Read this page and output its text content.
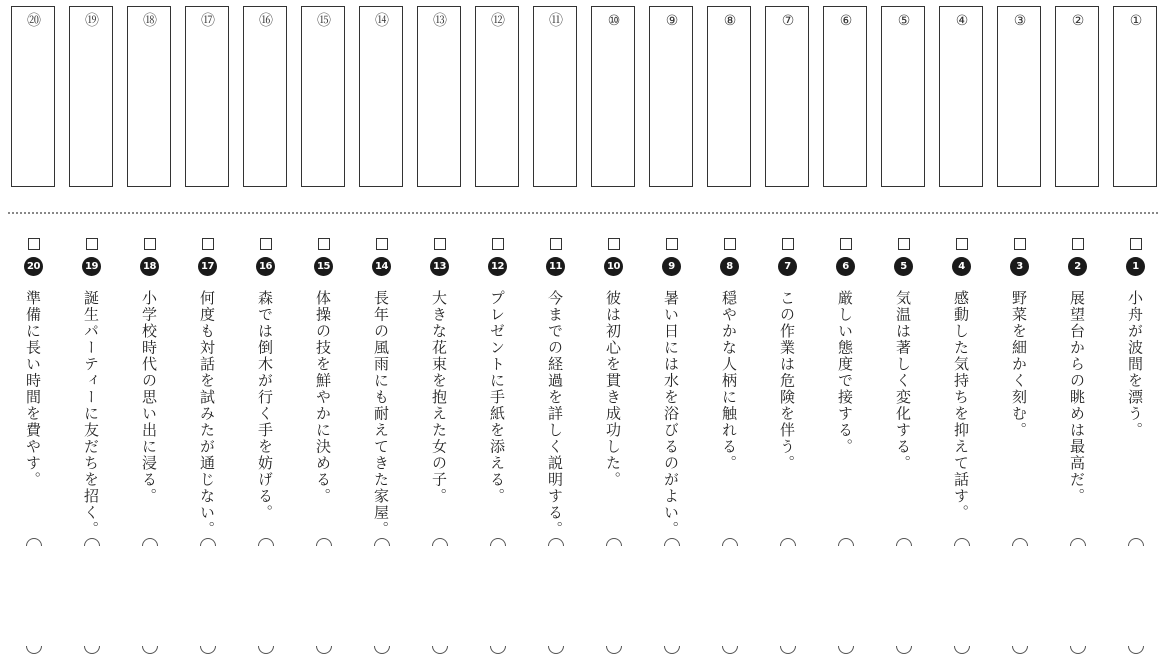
①
1
小舟が波間を漂う。
②
2
展望台からの眺めは最高だ。
③
3
野菜を細かく刻む。
④
4
感動した気持ちを抑えて話す。
⑤
5
気温は著しく変化する。
⑥
6
厳しい態度で接する。
⑦
7
この作業は危険を伴う。
⑧
8
穏やかな人柄に触れる。
⑨
9
暑い日には水を浴びるのがよい。
⑩
10
彼は初心を貫き成功した。
⑪
11
今までの経過を詳しく説明する。
⑫
12
プレゼントに手紙を添える。
⑬
13
大きな花束を抱えた女の子。
⑭
14
長年の風雨にも耐えてきた家屋。
⑮
15
体操の技を鮮やかに決める。
⑯
16
森では倒木が行く手を妨げる。
⑰
17
何度も対話を試みたが通じない。
⑱
18
小学校時代の思い出に浸る。
⑲
19
誕生パーティーに友だちを招く。
⑳
20
準備に長い時間を費やす。
